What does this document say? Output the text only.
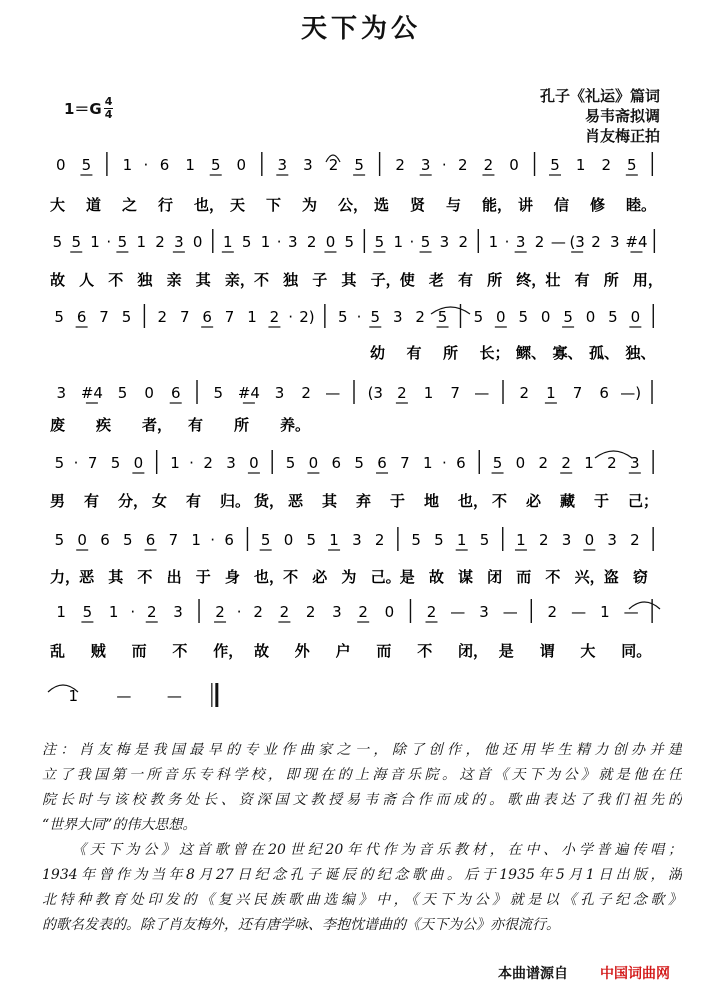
天下为公
$1=G \frac{4}{4}$	孔子《礼运》篇词
易韦斋拟调
肖友梅正拍
0 5 1 · 6 1 5 0 3 3 2 5 2 3 · 2 2 0 5 1 2 5
5 5 1 · 5 1 2 3 0 1 5 1 · 3 2 0 5 5 1 · 5 3 2 1 · 3 2 — (3 2 3 #4
5 6 7 5 2 7 6 7 1 2 · 2) 5 · 5 3 2 5 5 0 5 0 5 0 5 0
3 #4 5 0 6 5 #4 3 2 — (3 2 1 7 — 2 1 7 6 —)
5 · 7 5 0 1 · 2 3 0 5 0 6 5 6 7 1 · 6 5 0 2 2 1 2 3
5 0 6 5 6 7 1 · 6 5 0 5 1 3 2 5 5 1 5 1 2 3 0 3 2
1 5 1 · 2 3 2 · 2 2 2 3 2 0 2 — 3 — 2 — 1 —
1	— —
大 道 之 行 也， 天 下 为 公， 选 贤 与 能， 讲 信 修 睦。
故 人 不 独 亲 其 亲， 不 独 子 其 子， 使 老 有 所 终， 壮 有 所 用，
幼 有 所 长； 鳏、 寡、 孤、 独、
废 疾 者， 有 所 养。
男 有 分， 女 有 归。 货， 恶 其 弃 于 地 也， 不 必 藏 于 己；
力， 恶 其 不 出 于 身 也， 不 必 为 己。 是 故 谋 闭 而 不 兴， 盗 窃
乱 贼 而 不 作， 故 外 户 而 不 闭， 是 谓 大 同。
注：肖友梅是我国最早的专业作曲家之一，除了创作，他还用毕生精力创办并建
立了我国第一所音乐专科学校，即现在的上海音乐院。这首《天下为公》就是他在任
院长时与该校教务处长、资深国文教授易韦斋合作而成的。歌曲表达了我们祖先的
“世界大同”的伟大思想。
《天下为公》这首歌曾在20世纪20年代作为音乐教材，在中、小学普遍传唱；
1934年曾作为当年8月27日纪念孔子诞辰的纪念歌曲。后于1935年5月1日出版，湖
北特种教育处印发的《复兴民族歌曲选编》中，《天下为公》就是以《孔子纪念歌》
的歌名发表的。除了肖友梅外，还有唐学咏、李抱忱谱曲的《天下为公》亦很流行。
本曲谱源自 中国词曲网
